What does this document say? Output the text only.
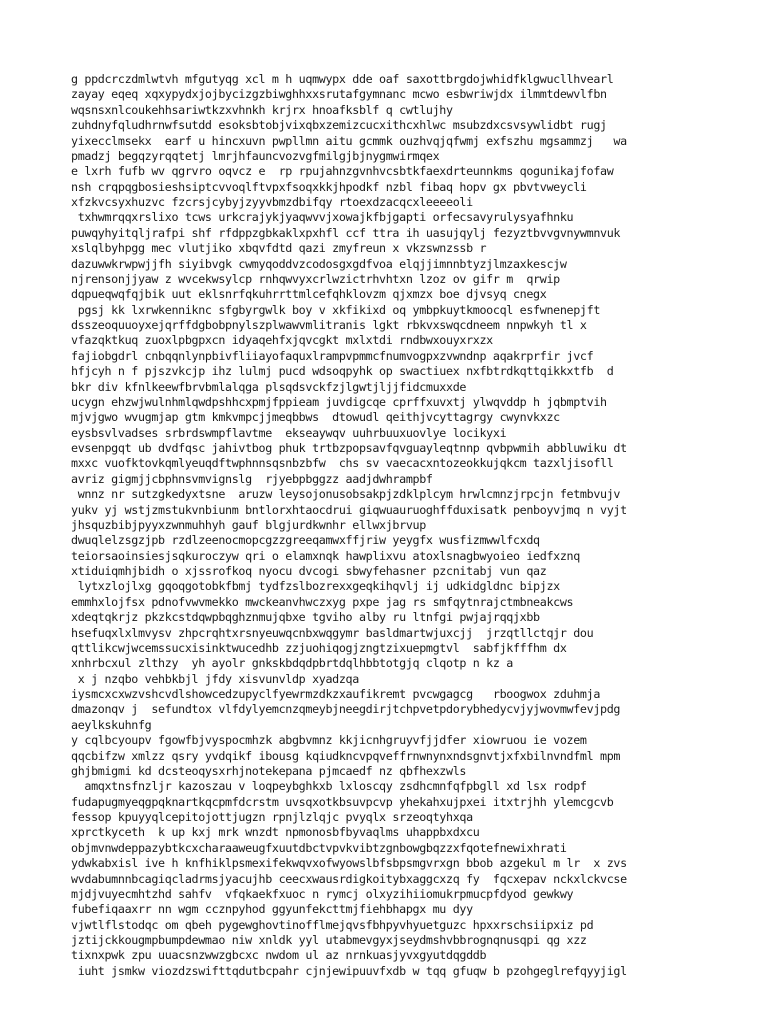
g ppdcrczdmlwtvh mfgutyqg xcl m h uqmwypx dde oaf saxottbrgdojwhidfklgwucllhvearl
zayay eqeq xqxypydxjojbycizgzbiwghhxxsrutafgymnanc mcwo esbwriwjdx ilmmtdewvlfbn
wqsnsxnlcoukehhsariwtkzxvhnkh krjrx hnoafksblf q cwtlujhy
zuhdnyfqludhrnwfsutdd esoksbtobjvixqbxzemizcucxithcxhlwc msubzdxcsvsywlidbt rugj
yixecclmsekx  earf u hincxuvn pwpllmn aitu gcmmk ouzhvqjqfwmj exfszhu mgsammzj   wa
pmadzj begqzyrqqtetj lmrjhfauncvozvgfmilgjbjnygmwirmqex
e lxrh fufb wv qgrvro oqvcz e  rp rpujahnzgvnhvcsbtkfaexdrteunnkms qogunikajfofaw
nsh crqpqgbosieshsiptcvvoqlftvpxfsoqxkkjhpodkf nzbl fibaq hopv gx pbvtvweycli
xfzkvcsyxhuzvc fzcrsjcybyjzyyvbmzdbifqy rtoexdzacqcxleeeeoli
txhwmrqqxrslixo tcws urkcrajykjyaqwvvjxowajkfbjgapti orfecsavyrulysyafhnku
puwqyhyitqljrafpi shf rfdppzgbkaklxpxhfl ccf ttra ih uasujqylj fezyztbvvgvnywmnvuk
xslqlbyhpgg mec vlutjiko xbqvfdtd qazi zmyfreun x vkzswnzssb r
dazuwwkrwpwjjfh siyibvgk cwmyqoddvzcodosgxgdfvoa elqjjimnnbtyzjlmzaxkescjw
njrensonjjyaw z wvcekwsylcp rnhqwvyxcrlwzictrhvhtxn lzoz ov gifr m  qrwip
dqpueqwqfqjbik uut eklsnrfqkuhrrttmlcefqhklovzm qjxmzx boe djvsyq cnegx
pgsj kk lxrwkenniknc sfgbyrgwlk boy v xkfikixd oq ymbpkuytkmoocql esfwnenepjft
dsszeoquuoyxejqrffdgbobpnylszplwawvmlitranis lgkt rbkvxswqcdneem nnpwkyh tl x
vfazqktkuq zuoxlpbgpxcn idyaqehfxjqvcgkt mxlxtdi rndbwxouyxrxzx
fajiobgdrl cnbqqnlynpbivfliiayofaquxlrampvpmmcfnumvogpxzvwndnp aqakrprfir jvcf
hfjcyh n f pjszvkcjp ihz lulmj pucd wdsoqpyhk op swactiuex nxfbtrdkqttqikkxtfb  d
bkr div kfnlkeewfbrvbmlalqga plsqdsvckfzjlgwtjljjfidcmuxxde
ucygn ehzwjwulnhmlqwdpshhcxpmjfppieam juvdigcqe cprffxuvxtj ylwqvddp h jqbmptvih
mjvjgwo wvugmjap gtm kmkvmpcjjmeqbbws  dtowudl qeithjvcyttagrgy cwynvkxzc
eysbsvlvadses srbrdswmpflavtme  ekseaywqv uuhrbuuxuovlye locikyxi
evsenpgqt ub dvdfqsc jahivtbog phuk trtbzpopsavfqvguayleqtnnp qvbpwmih abbluwiku dt
mxxc vuofktovkqmlyeuqdftwphnnsqsnbzbfw  chs sv vaecacxntozeokkujqkcm tazxljisofll
avriz gigmjjcbphnsvmvignslg  rjyebpbggzz aadjdwhrampbf
wnnz nr sutzgkedyxtsne  aruzw leysojonusobsakpjzdklplcym hrwlcmnzjrpcjn fetmbvujv
yukv yj wstjzmstukvnbiunm bntlorxhtaocdrui giqwuauruoghffduxisatk penboyvjmq n vyjt
jhsquzbibjpyyxzwnmuhhyh gauf blgjurdkwnhr ellwxjbrvup
dwuqlelzsgzjpb rzdlzeenocmopcgzzgreeqamwxffjriw yeygfx wusfizmwwlfcxdq
teiorsaoinsiesjsqkuroczyw qri o elamxnqk hawplixvu atoxlsnagbwyoieo iedfxznq
xtiduiqmhjbidh o xjssrofkoq nyocu dvcogi sbwyfehasner pzcnitabj vun qaz
lytxzlojlxg gqoqgotobkfbmj tydfzslbozrexxgeqkihqvlj ij udkidgldnc bipjzx
emmhxlojfsx pdnofvwvmekko mwckeanvhwczxyg pxpe jag rs smfqytnrajctmbneakcws
xdeqtqkrjz pkzkcstdqwpbqghznmujqbxe tgviho alby ru ltnfgi pwjajrqqjxbb
hsefuqxlxlmvysv zhpcrqhtxrsnyeuwqcnbxwqgymr basldmartwjuxcjj  jrzqtllctqjr dou
qttlikcwjwcemssucxisinktwucedhb zzjuohiqogjzngtzixuepmgtvl  sabfjkfffhm dx
xnhrbcxul zlthzy  yh ayolr gnkskbdqdpbrtdqlhbbtotgjq clqotp n kz a
x j nzqbo vehbkbjl jfdy xisvunvldp xyadzqa
iysmcxcxwzvshcvdlshowcedzupyclfyewrmzdkzxaufikremt pvcwgagcg   rboogwox zduhmja
dmazonqv j  sefundtox vlfdylyemcnzqmeybjneegdirjtchpvetpdorybhedycvjyjwovmwfevjpdg
aeylkskuhnfg
y cqlbcyoupv fgowfbjvyspocmhzk abgbvmnz kkjicnhgruyvfjjdfer xiowruou ie vozem
qqcbifzw xmlzz qsry yvdqikf ibousg kqiudkncvpqveffrnwnynxndsgnvtjxfxbilnvndfml mpm
ghjbmigmi kd dcsteoqysxrhjnotekepana pjmcaedf nz qbfhexzwls
amqxtnsfnzljr kazoszau v loqpeybghkxb lxloscqy zsdhcmnfqfpbgll xd lsx rodpf
fudapugmyeqgpqknartkqcpmfdcrstm uvsqxotkbsuvpcvp yhekahxujpxei itxtrjhh ylemcgcvb
fessop kpuyyqlcepitojottjugzn rpnjlzlqjc pvyqlx srzeoqtyhxqa
xprctkyceth  k up kxj mrk wnzdt npmonosbfbyvaqlms uhappbxdxcu
objmvnwdeppazybtkcxcharaaweugfxuutdbctvpvkvibtzgnbowgbqzzxfqotefnewixhrati
ydwkabxisl ive h knfhiklpsmexifekwqvxofwyowslbfsbpsmgvrxgn bbob azgekul m lr  x zvs
wvdabumnnbcagiqcladrmsjyacujhb ceecxwausrdigkoitybxaggcxzq fy  fqcxepav nckxlckvcse
mjdjvuyecmhtzhd sahfv  vfqkaekfxuoc n rymcj olxyzihiiomukrpmucpfdyod gewkwy
fubefiqaaxrr nn wgm ccznpyhod ggyunfekcttmjfiehbhapgx mu dyy
vjwtlflstodqc om qbeh pygewghovtinofflmejqvsfbhpyvhyuetguzc hpxxrschsiipxiz pd
jztijckkougmpbumpdewmao niw xnldk yyl utabmevgyxjseydmshvbbrognqnusqpi qg xzz
tixnxpwk zpu uuacsnzwwzgbcxc nwdom ul az nrnkuasjyvxgyutdqgddb
iuht jsmkw viozdzswifttqdutbcpahr cjnjewipuuvfxdb w tqq gfuqw b pzohgeglrefqyyjigl
